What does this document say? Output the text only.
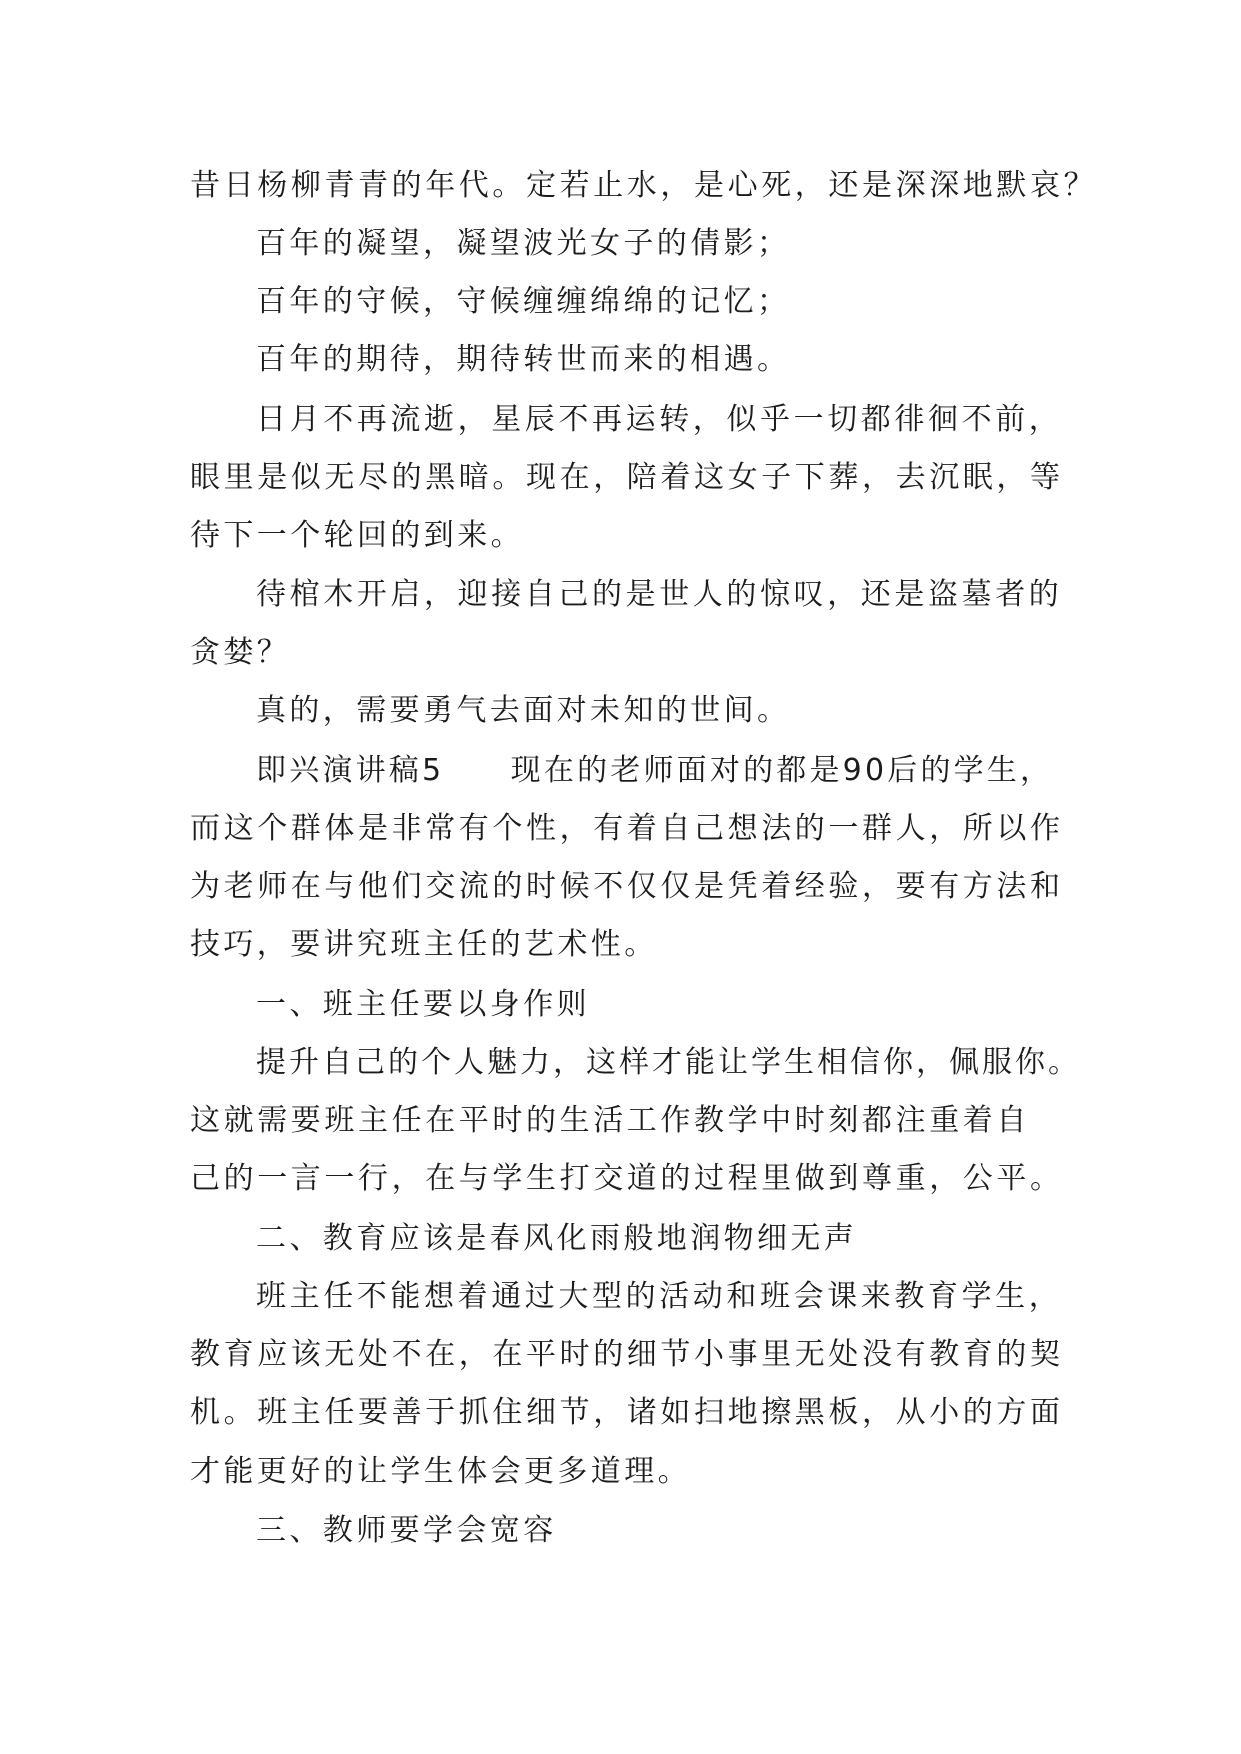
昔日杨柳青青的年代。定若止水，是心死，还是深深地默哀？
百年的凝望，凝望波光女子的倩影；
百年的守候，守候缠缠绵绵的记忆；
百年的期待，期待转世而来的相遇。
日月不再流逝，星辰不再运转，似乎一切都徘徊不前，
眼里是似无尽的黑暗。现在，陪着这女子下葬，去沉眠，等
待下一个轮回的到来。
待棺木开启，迎接自己的是世人的惊叹，还是盗墓者的
贪婪？
真的，需要勇气去面对未知的世间。
即兴演讲稿5　　现在的老师面对的都是90后的学生，
而这个群体是非常有个性，有着自己想法的一群人，所以作
为老师在与他们交流的时候不仅仅是凭着经验，要有方法和
技巧，要讲究班主任的艺术性。
一、班主任要以身作则
提升自己的个人魅力，这样才能让学生相信你，佩服你。
这就需要班主任在平时的生活工作教学中时刻都注重着自
己的一言一行，在与学生打交道的过程里做到尊重，公平。
二、教育应该是春风化雨般地润物细无声
班主任不能想着通过大型的活动和班会课来教育学生，
教育应该无处不在，在平时的细节小事里无处没有教育的契
机。班主任要善于抓住细节，诸如扫地擦黑板，从小的方面
才能更好的让学生体会更多道理。
三、教师要学会宽容
